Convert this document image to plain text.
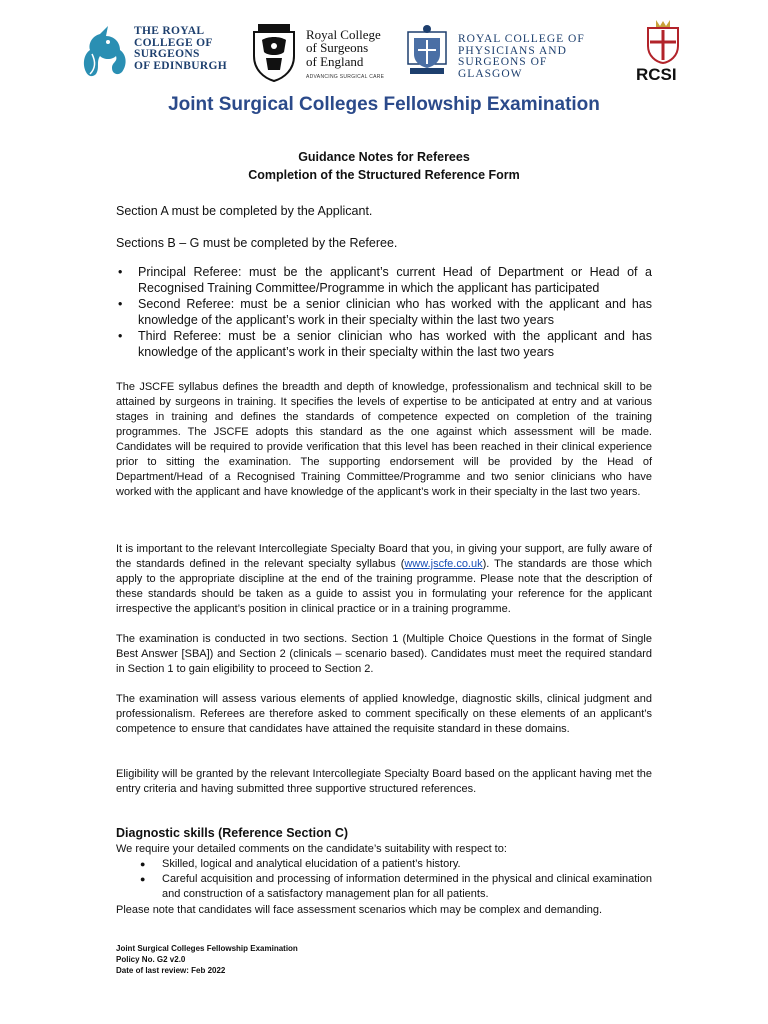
THE ROYAL
COLLEGE OF
SURGEONS
OF EDINBURGH
Royal College
of Surgeons
of England
ADVANCING SURGICAL CARE
ROYAL COLLEGE OF
PHYSICIANS AND
SURGEONS OF GLASGOW	RCSI
Joint Surgical Colleges Fellowship Examination
Guidance Notes for Referees
Completion of the Structured Reference Form

Section A must be completed by the Applicant.

Sections B – G must be completed by the Referee.

• Principal Referee: must be the applicant’s current Head of Department or Head of a Recognised Training Committee/Programme in which the applicant has participated
• Second Referee: must be a senior clinician who has worked with the applicant and has knowledge of the applicant’s work in their specialty within the last two years
• Third Referee: must be a senior clinician who has worked with the applicant and has knowledge of the applicant’s work in their specialty within the last two years

The JSCFE syllabus defines the breadth and depth of knowledge, professionalism and technical skill to be attained by surgeons in training. It specifies the levels of expertise to be anticipated at entry and at various stages in training and defines the standards of competence expected on completion of the training programmes. The JSCFE adopts this standard as the one against which assessment will be made. Candidates will be required to provide verification that this level has been reached in their clinical experience prior to sitting the examination. The supporting endorsement will be provided by the Head of Department/Head of a Recognised Training Committee/Programme and two senior clinicians who have worked with the applicant and have knowledge of the applicant’s work in their specialty in the last two years.

It is important to the relevant Intercollegiate Specialty Board that you, in giving your support, are fully aware of the standards defined in the relevant specialty syllabus (www.jscfe.co.uk). The standards are those which apply to the appropriate discipline at the end of the training programme. Please note that the description of these standards should be taken as a guide to assist you in formulating your reference for the applicant irrespective the applicant’s position in clinical practice or in a training programme.

The examination is conducted in two sections. Section 1 (Multiple Choice Questions in the format of Single Best Answer [SBA]) and Section 2 (clinicals – scenario based). Candidates must meet the required standard in Section 1 to gain eligibility to proceed to Section 2.

The examination will assess various elements of applied knowledge, diagnostic skills, clinical judgment and professionalism. Referees are therefore asked to comment specifically on these elements of an applicant’s competence to ensure that candidates have attained the requisite standard in these domains.

Eligibility will be granted by the relevant Intercollegiate Specialty Board based on the applicant having met the entry criteria and having submitted three supportive structured references.

Diagnostic skills (Reference Section C)

We require your detailed comments on the candidate’s suitability with respect to:

● Skilled, logical and analytical elucidation of a patient’s history.
● Careful acquisition and processing of information determined in the physical and clinical examination and construction of a satisfactory management plan for all patients.

Please note that candidates will face assessment scenarios which may be complex and demanding.

Joint Surgical Colleges Fellowship Examination
Policy No. G2 v2.0
Date of last review: Feb 2022
